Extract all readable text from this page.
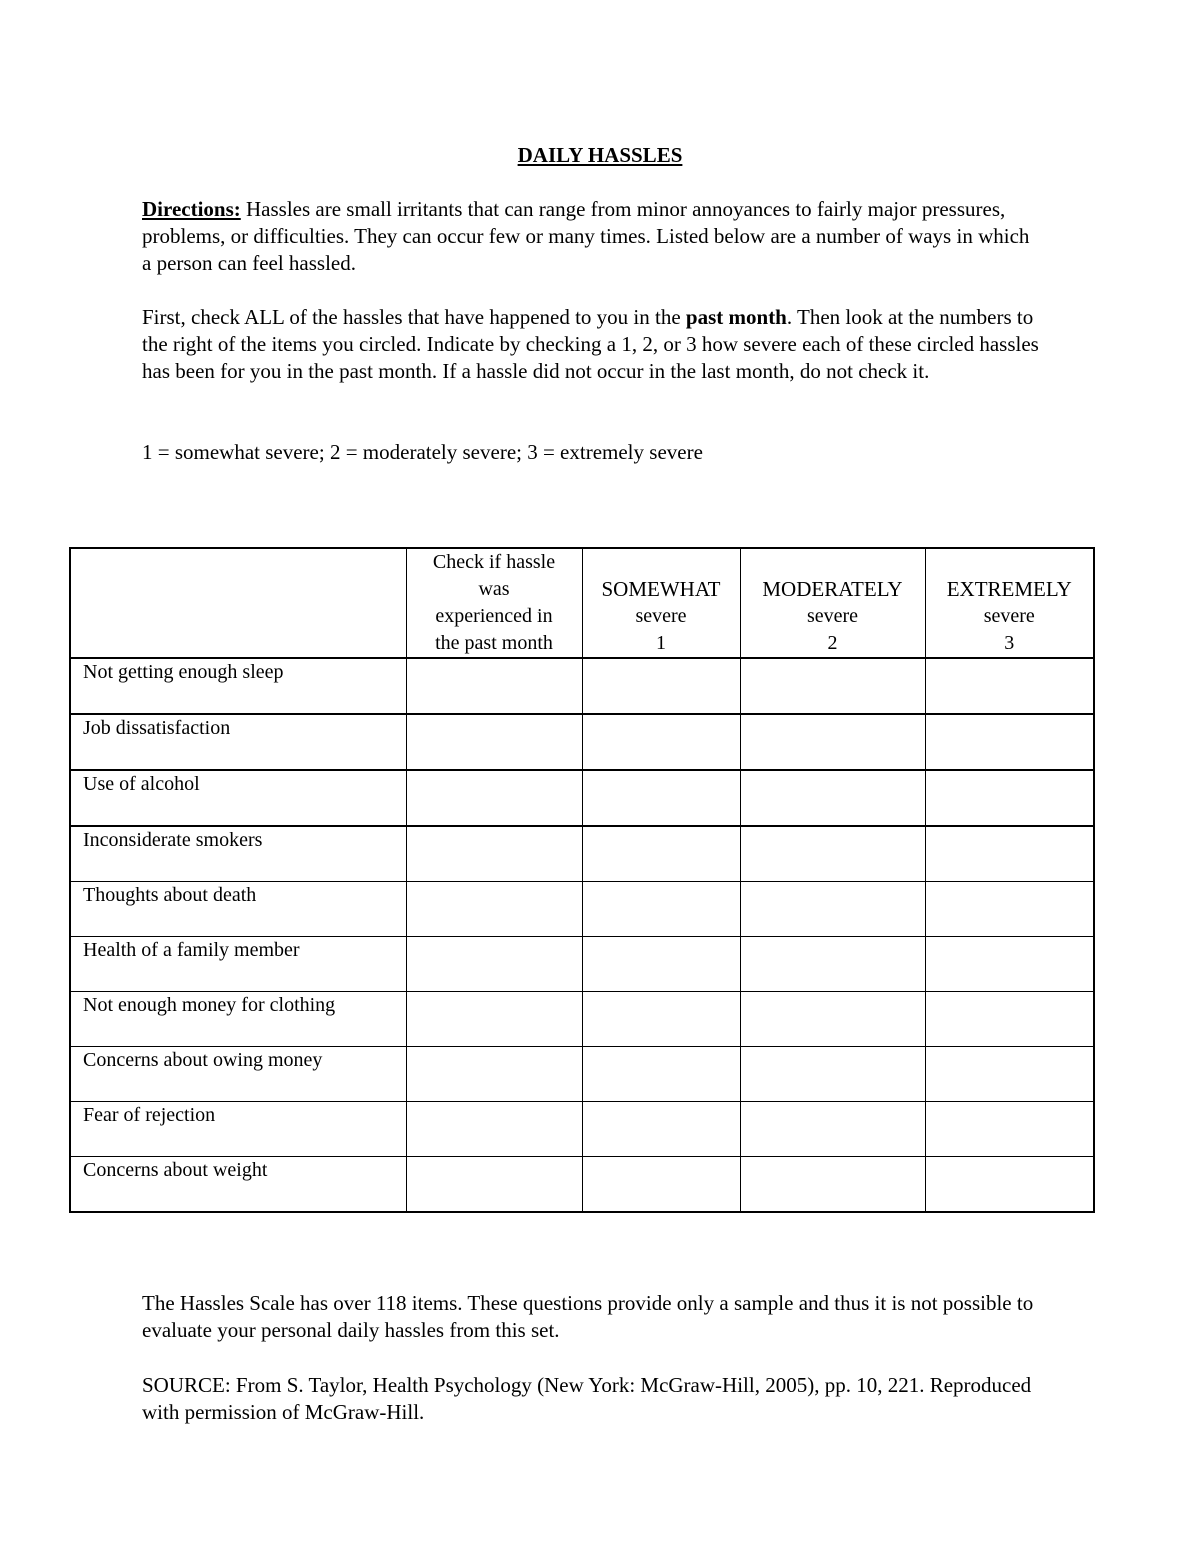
DAILY HASSLES
Directions: Hassles are small irritants that can range from minor annoyances to fairly major pressures, problems, or difficulties. They can occur few or many times. Listed below are a number of ways in which a person can feel hassled.
First, check ALL of the hassles that have happened to you in the past month. Then look at the numbers to the right of the items you circled. Indicate by checking a 1, 2, or 3 how severe each of these circled hassles has been for you in the past month. If a hassle did not occur in the last month, do not check it.
1 = somewhat severe; 2 = moderately severe; 3 = extremely severe

	Check if hassle
was
experienced in
the past month	SOMEWHAT
severe
1	MODERATELY
severe
2	EXTREMELY
severe
3

Not getting enough sleep				
Job dissatisfaction				
Use of alcohol				
Inconsiderate smokers				
Thoughts about death				
Health of a family member				
Not enough money for clothing				
Concerns about owing money				
Fear of rejection				
Concerns about weight				
The Hassles Scale has over 118 items. These questions provide only a sample and thus it is not possible to evaluate your personal daily hassles from this set.
SOURCE: From S. Taylor, Health Psychology (New York: McGraw-Hill, 2005), pp. 10, 221. Reproduced with permission of McGraw-Hill.
